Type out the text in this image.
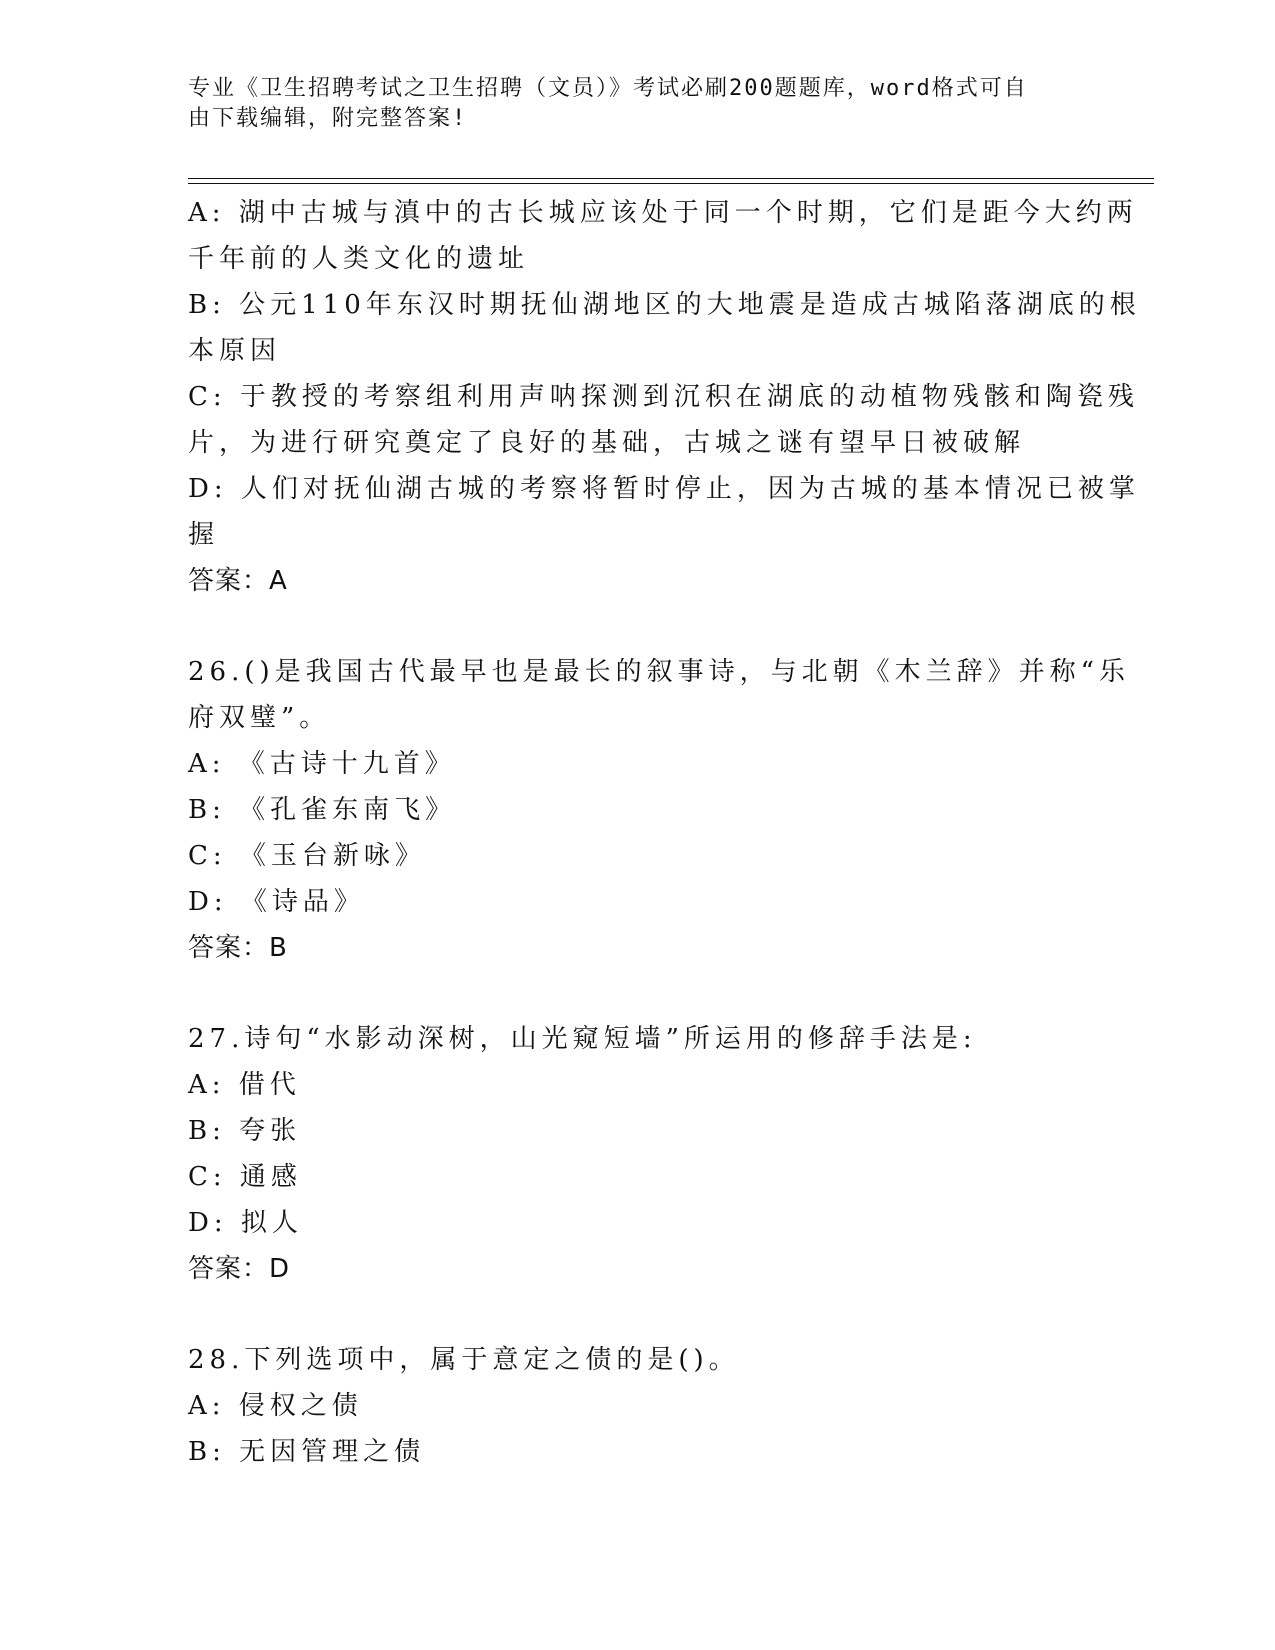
专业《卫生招聘考试之卫生招聘（文员）》考试必刷200题题库，word格式可自
由下载编辑，附完整答案!
A: 湖中古城与滇中的古长城应该处于同一个时期，它们是距今大约两
千年前的人类文化的遗址
B: 公元110年东汉时期抚仙湖地区的大地震是造成古城陷落湖底的根
本原因
C: 于教授的考察组利用声呐探测到沉积在湖底的动植物残骸和陶瓷残
片，为进行研究奠定了良好的基础，古城之谜有望早日被破解
D: 人们对抚仙湖古城的考察将暂时停止，因为古城的基本情况已被掌
握
答案：A
26.()是我国古代最早也是最长的叙事诗，与北朝《木兰辞》并称“乐
府双璧”。
A: 《古诗十九首》
B: 《孔雀东南飞》
C: 《玉台新咏》
D: 《诗品》
答案：B
27.诗句“水影动深树，山光窥短墙”所运用的修辞手法是:
A: 借代
B: 夸张
C: 通感
D: 拟人
答案：D
28.下列选项中，属于意定之债的是()。
A: 侵权之债
B: 无因管理之债
